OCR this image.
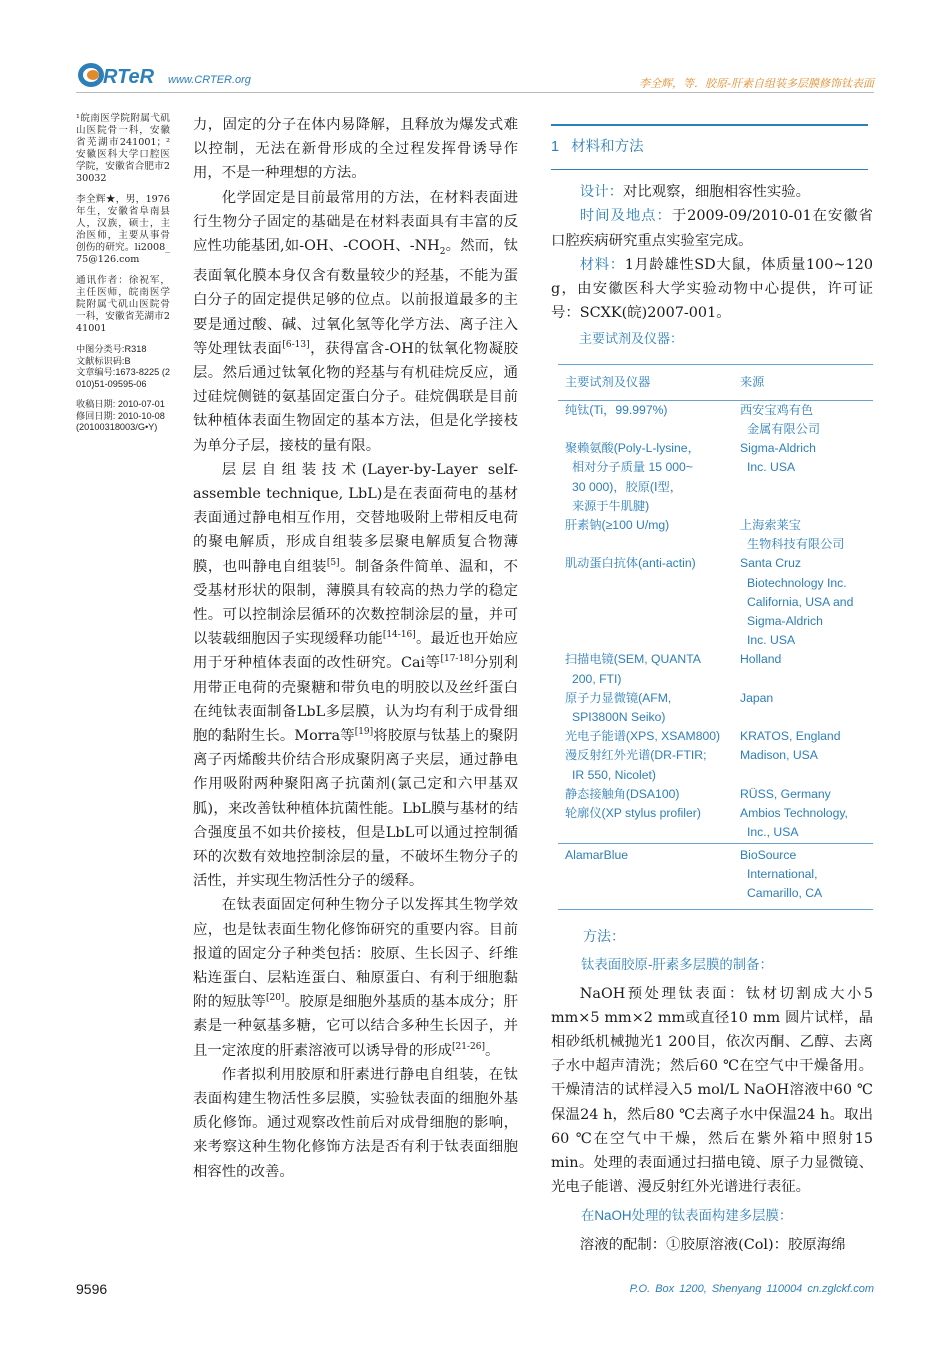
RTeR www.CRTER.org	李全辉，等．胶原-肝素自组装多层膜修饰钛表面

¹皖南医学院附属弋矶山医院骨一科，安徽省芜湖市241001；²安徽医科大学口腔医学院，安徽省合肥市230032

李全辉★，男，1976年生，安徽省阜南县人，汉族，硕士，主治医师，主要从事骨创伤的研究。li2008_75@126.com

通讯作者：徐祝军，主任医师，皖南医学院附属弋矶山医院骨一科，安徽省芜湖市241001

中图分类号:R318
文献标识码:B
文章编号:1673-8225 (2010)51-09595-06

收稿日期: 2010-07-01
修回日期: 2010-10-08
(20100318003/G•Y)

力，固定的分子在体内易降解，且释放为爆发式难以控制，无法在新骨形成的全过程发挥骨诱导作用，不是一种理想的方法。

化学固定是目前最常用的方法，在材料表面进行生物分子固定的基础是在材料表面具有丰富的反应性功能基团,如-OH、-COOH、$-NH_2$。然而，钛表面氧化膜本身仅含有数量较少的羟基，不能为蛋白分子的固定提供足够的位点。以前报道最多的主要是通过酸、碱、过氧化氢等化学方法、离子注入等处理钛表面[6-13]，获得富含-OH的钛氧化物凝胶层。然后通过钛氧化物的羟基与有机硅烷反应，通过硅烷侧链的氨基固定蛋白分子。硅烷偶联是目前钛种植体表面生物固定的基本方法，但是化学接枝为单分子层，接枝的量有限。

层层自组装技术(Layer-by-Layer self-assemble technique, LbL)是在表面荷电的基材表面通过静电相互作用，交替地吸附上带相反电荷的聚电解质，形成自组装多层聚电解质复合物薄膜，也叫静电自组装[5]。制备条件简单、温和，不受基材形状的限制，薄膜具有较高的热力学的稳定性。可以控制涂层循环的次数控制涂层的量，并可以装载细胞因子实现缓释功能[14-16]。最近也开始应用于牙种植体表面的改性研究。Cai等[17-18]分别利用带正电荷的壳聚糖和带负电的明胶以及丝纤蛋白在纯钛表面制备LbL多层膜，认为均有利于成骨细胞的黏附生长。Morra等[19]将胶原与钛基上的聚阴离子丙烯酸共价结合形成聚阴离子夹层，通过静电作用吸附两种聚阳离子抗菌剂(氯己定和六甲基双胍)，来改善钛种植体抗菌性能。LbL膜与基材的结合强度虽不如共价接枝，但是LbL可以通过控制循环的次数有效地控制涂层的量，不破坏生物分子的活性，并实现生物活性分子的缓释。

在钛表面固定何种生物分子以发挥其生物学效应，也是钛表面生物化修饰研究的重要内容。目前报道的固定分子种类包括：胶原、生长因子、纤维粘连蛋白、层粘连蛋白、釉原蛋白、有利于细胞黏附的短肽等[20]。胶原是细胞外基质的基本成分；肝素是一种氨基多糖，它可以结合多种生长因子，并且一定浓度的肝素溶液可以诱导骨的形成[21-26]。

作者拟利用胶原和肝素进行静电自组装，在钛表面构建生物活性多层膜，实验钛表面的细胞外基质化修饰。通过观察改性前后对成骨细胞的影响，来考察这种生物化修饰方法是否有利于钛表面细胞相容性的改善。

1 材料和方法

设计：对比观察，细胞相容性实验。

时间及地点：于2009-09/2010-01在安徽省口腔疾病研究重点实验室完成。

材料：1月龄雄性SD大鼠，体质量100~120 g，由安徽医科大学实验动物中心提供，许可证号：SCXK(皖)2007-001。

主要试剂及仪器：
主要试剂及仪器	来源

纯钛(Ti，99.997%)	西安宝鸡有色
金属有限公司

聚赖氨酸(Poly-L-lysine，
相对分子质量 15 000~
30 000)，胶原(Ⅰ型，
来源于牛肌腱)	Sigma-Aldrich
Inc. USA

肝素钠(≥100 U/mg)	上海索莱宝
生物科技有限公司

肌动蛋白抗体(anti-actin)	Santa Cruz
Biotechnology Inc.
California, USA and
Sigma-Aldrich
Inc. USA

扫描电镜(SEM, QUANTA
200, FTI)	Holland

原子力显微镜(AFM,
SPI3800N Seiko)	Japan

光电子能谱(XPS, XSAM800)	KRATOS, England

漫反射红外光谱(DR-FTIR;
IR 550, Nicolet)	Madison, USA

静态接触角(DSA100)	RÜSS, Germany

轮廓仪(XP stylus profiler)	Ambios Technology,
Inc., USA

AlamarBlue	BioSource
International,
Camarillo, CA
方法：
钛表面胶原-肝素多层膜的制备：

NaOH预处理钛表面：钛材切割成大小5 mm×5 mm×2 mm或直径10 mm 圆片试样，晶相砂纸机械抛光1 200目，依次丙酮、乙醇、去离子水中超声清洗；然后60 ℃在空气中干燥备用。干燥清洁的试样浸入5 mol/L NaOH溶液中60 ℃保温24 h，然后80 ℃去离子水中保温24 h。取出60 ℃在空气中干燥，然后在紫外箱中照射15 min。处理的表面通过扫描电镜、原子力显微镜、光电子能谱、漫反射红外光谱进行表征。

在NaOH处理的钛表面构建多层膜：

溶液的配制：①胶原溶液(Col)：胶原海绵

9596	P.O. Box 1200, Shenyang 110004 cn.zglckf.com
